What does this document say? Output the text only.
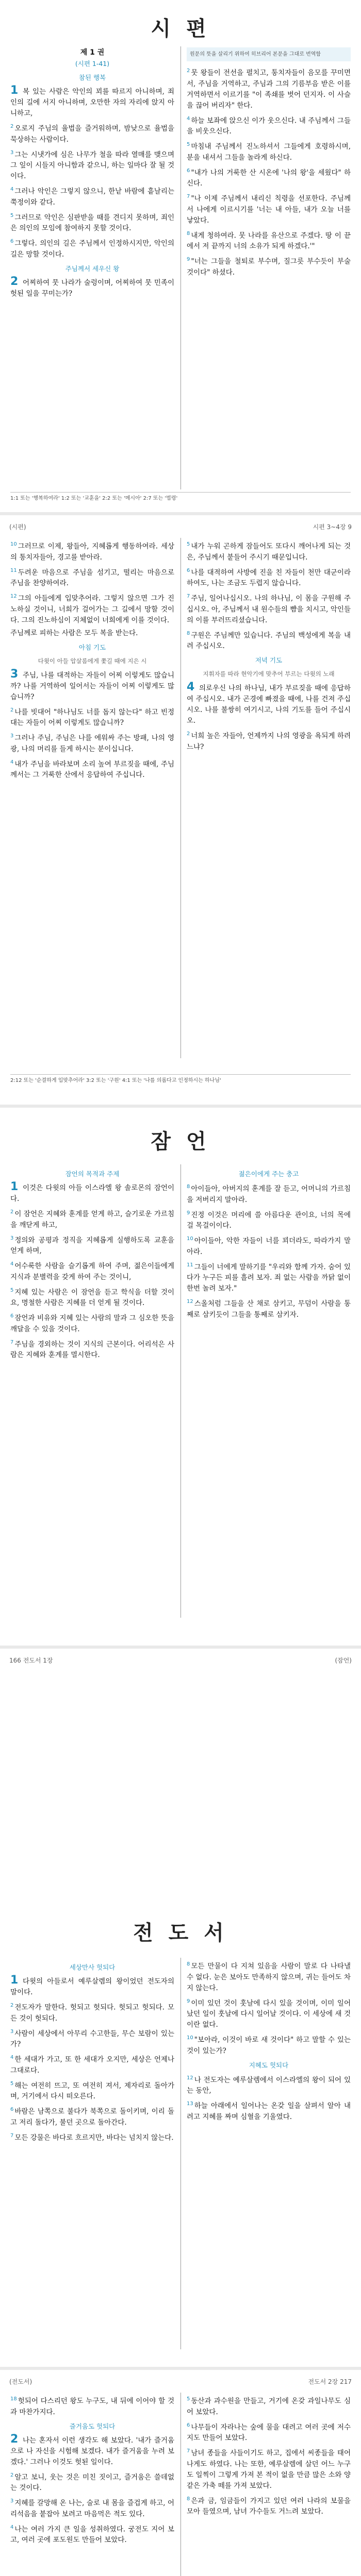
시 편
제 1 권
(시편 1-41)
참된 행복

1 복 있는 사람은 악인의 꾀를 따르지 아니하며, 죄인의 길에 서지 아니하며, 오만한 자의 자리에 앉지 아니하고,

$^2$ 오로지 주님의 율법을 즐거워하며, 밤낮으로 율법을 묵상하는 사람이다.

$^3$ 그는 시냇가에 심은 나무가 철을 따라 열매를 맺으며 그 잎이 시들지 아니함과 같으니, 하는 일마다 잘 될 것이다.

$^4$ 그러나 악인은 그렇지 않으니, 한낱 바람에 흩날리는 쭉정이와 같다.

$^5$ 그러므로 악인은 심판받을 때를 견디지 못하며, 죄인은 의인의 모임에 참여하지 못할 것이다.

$^6$ 그렇다. 의인의 길은 주님께서 인정하시지만, 악인의 길은 망할 것이다.

주님께서 세우신 왕

2 어찌하여 뭇 나라가 술렁이며, 어찌하여 뭇 민족이 헛된 일을 꾸미는가?

원문의 뜻을 살리기 위하여 히브리어 본문을 그대로 번역함

$^2$ 뭇 왕들이 전선을 펼치고, 통치자들이 음모를 꾸미면서, 주님을 거역하고, 주님과 그의 기름부음 받은 이를 거역하면서 이르기를 "이 족쇄를 벗어 던지자. 이 사슬을 끊어 버리자" 한다.

$^4$ 하늘 보좌에 앉으신 이가 웃으신다. 내 주님께서 그들을 비웃으신다.

$^5$ 마침내 주님께서 진노하셔서 그들에게 호령하시며, 분을 내셔서 그들을 놀라게 하신다.

$^6$ "내가 나의 거룩한 산 시온에 '나의 왕'을 세웠다" 하신다.

$^7$ "나 이제 주님께서 내리신 칙령을 선포한다. 주님께서 나에게 이르시기를 '너는 내 아들, 내가 오늘 너를 낳았다.

$^8$ 내게 청하여라. 뭇 나라를 유산으로 주겠다. 땅 이 끝에서 저 끝까지 너의 소유가 되게 하겠다.'"

$^9$ "너는 그들을 철퇴로 부수며, 질그릇 부수듯이 부술 것이다" 하셨다.

1:1 또는 '행복하여라' 1:2 또는 '교훈을' 2:2 또는 '메시아' 2:7 또는 '법령'
(시편)	시편 3~4장 9

$^{10}$ 그러므로 이제, 왕들아, 지혜롭게 행동하여라. 세상의 통치자들아, 경고를 받아라.

$^{11}$ 두려운 마음으로 주님을 섬기고, 떨리는 마음으로 주님을 찬양하여라.

$^{12}$ 그의 아들에게 입맞추어라. 그렇지 않으면 그가 진노하실 것이니, 너희가 걸어가는 그 길에서 망할 것이다. 그의 진노하심이 지체없이 너희에게 이를 것이다.

주님께로 피하는 사람은 모두 복을 받는다.

아침 기도
다윗이 아들 압살롬에게 쫓길 때에 지은 시

3 주님, 나를 대적하는 자들이 어찌 이렇게도 많습니까? 나를 거역하여 일어서는 자들이 어찌 이렇게도 많습니까?

$^2$ 나를 빗대어 "하나님도 너를 돕지 않는다" 하고 빈정대는 자들이 어찌 이렇게도 많습니까?

$^3$ 그러나 주님, 주님은 나를 에워싸 주는 방패, 나의 영광, 나의 머리를 들게 하시는 분이십니다.

$^4$ 내가 주님을 바라보며 소리 높여 부르짖을 때에, 주님께서는 그 거룩한 산에서 응답하여 주십니다.

$^5$ 내가 누워 곤하게 잠들어도 또다시 깨어나게 되는 것은, 주님께서 붙들어 주시기 때문입니다.

$^6$ 나를 대적하여 사방에 진을 친 자들이 천만 대군이라 하여도, 나는 조금도 두렵지 않습니다.

$^7$ 주님, 일어나십시오. 나의 하나님, 이 몸을 구원해 주십시오. 아, 주님께서 내 원수들의 뺨을 치시고, 악인들의 이를 부러뜨리셨습니다.

$^8$ 구원은 주님께만 있습니다. 주님의 백성에게 복을 내려 주십시오.

저녁 기도
지휘자를 따라 현악기에 맞추어 부르는 다윗의 노래

4 의로우신 나의 하나님, 내가 부르짖을 때에 응답하여 주십시오. 내가 곤경에 빠졌을 때에, 나를 건져 주십시오. 나를 불쌍히 여기시고, 나의 기도를 들어 주십시오.

$^2$ 너희 높은 자들아, 언제까지 나의 영광을 욕되게 하려느냐?

2:12 또는 '순결하게 입맞추어라' 3:2 또는 '구원' 4:1 또는 '나를 의롭다고 인정하시는 하나님'
잠 언
잠언의 목적과 주제

1 이것은 다윗의 아들 이스라엘 왕 솔로몬의 잠언이다.

$^2$ 이 잠언은 지혜와 훈계를 얻게 하고, 슬기로운 가르침을 깨닫게 하고,

$^3$ 정의와 공평과 정직을 지혜롭게 실행하도록 교훈을 얻게 하며,

$^4$ 어수룩한 사람을 슬기롭게 하여 주며, 젊은이들에게 지식과 분별력을 갖게 하여 주는 것이니,

$^5$ 지혜 있는 사람은 이 잠언을 듣고 학식을 더할 것이요, 명철한 사람은 지혜를 더 얻게 될 것이다.

$^6$ 잠언과 비유와 지혜 있는 사람의 말과 그 심오한 뜻을 깨달을 수 있을 것이다.

$^7$ 주님을 경외하는 것이 지식의 근본이다. 어리석은 사람은 지혜와 훈계를 멸시한다.

젊은이에게 주는 충고

$^8$ 아이들아, 아버지의 훈계를 잘 듣고, 어머니의 가르침을 저버리지 말아라.

$^9$ 진정 이것은 머리에 쓸 아름다운 관이요, 너의 목에 걸 목걸이이다.

$^{10}$ 아이들아, 악한 자들이 너를 꾀더라도, 따라가지 말아라.

$^{11}$ 그들이 너에게 말하기를 "우리와 함께 가자. 숨어 있다가 누구든 피를 흘려 보자. 죄 없는 사람을 까닭 없이 한번 놀려 보자."

$^{12}$ 스올처럼 그들을 산 채로 삼키고, 무덤이 사람을 통째로 삼키듯이 그들을 통째로 삼키자.

166 전도서 1장	(잠언)
전 도 서
세상만사 헛되다

1 다윗의 아들로서 예루살렘의 왕이었던 전도자의 말이다.

$^2$ 전도자가 말한다. 헛되고 헛되다. 헛되고 헛되다. 모든 것이 헛되다.

$^3$ 사람이 세상에서 아무리 수고한들, 무슨 보람이 있는가?

$^4$ 한 세대가 가고, 또 한 세대가 오지만, 세상은 언제나 그대로다.

$^5$ 해는 여전히 뜨고, 또 여전히 져서, 제자리로 돌아가며, 거기에서 다시 떠오른다.

$^6$ 바람은 남쪽으로 불다가 북쪽으로 돌이키며, 이리 돌고 저리 돌다가, 불던 곳으로 돌아간다.

$^7$ 모든 강물은 바다로 흐르지만, 바다는 넘치지 않는다.

$^8$ 모든 만물이 다 지쳐 있음을 사람이 말로 다 나타낼 수 없다. 눈은 보아도 만족하지 않으며, 귀는 들어도 차지 않는다.

$^9$ 이미 있던 것이 훗날에 다시 있을 것이며, 이미 일어났던 일이 훗날에 다시 일어날 것이다. 이 세상에 새 것이란 없다.

$^{10}$ "보아라, 이것이 바로 새 것이다" 하고 말할 수 있는 것이 있는가?

지혜도 헛되다

$^{12}$ 나 전도자는 예루살렘에서 이스라엘의 왕이 되어 있는 동안,

$^{13}$ 하늘 아래에서 일어나는 온갖 일을 살펴서 알아 내려고 지혜를 짜며 심혈을 기울였다.

(전도서)	전도서 2장 217

$^{18}$ 헛되어 다스리던 왕도 누구도, 내 뒤에 이어야 할 것과 마찬가지다.

즐거움도 헛되다

2 나는 혼자서 이런 생각도 해 보았다. '내가 즐거움으로 나 자신을 시험해 보겠다. 내가 즐거움을 누려 보겠다.' 그러나 이것도 헛된 일이다.

$^2$ 알고 보니, 웃는 것은 미친 짓이고, 즐거움은 쓸데없는 것이다.

$^3$ 지혜를 갈망해 온 나는, 술로 내 몸을 즐겁게 하고, 어리석음을 붙잡아 보려고 마음먹은 적도 있다.

$^4$ 나는 여러 가지 큰 일을 성취하였다. 궁전도 지어 보고, 여러 곳에 포도원도 만들어 보았다.

$^5$ 동산과 과수원을 만들고, 거기에 온갖 과일나무도 심어 보았다.

$^6$ 나무들이 자라나는 숲에 물을 대려고 여러 곳에 저수지도 만들어 보았다.

$^7$ 남녀 종들을 사들이기도 하고, 집에서 씨종들을 태어나게도 하였다. 나는 또한, 예루살렘에 살던 어느 누구도 일찍이 그렇게 가져 본 적이 없을 만큼 많은 소와 양 같은 가축 떼를 가져 보았다.

$^8$ 은과 금, 임금들이 가지고 있던 여러 나라의 보물을 모아 들였으며, 남녀 가수들도 거느려 보았다.
